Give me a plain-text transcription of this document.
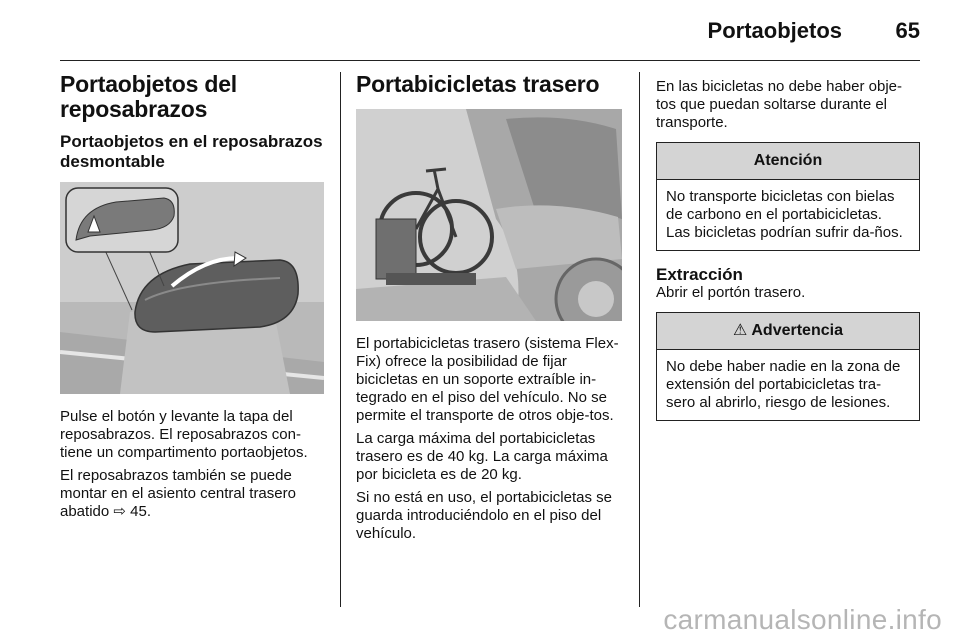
Portaobjetos 65
Portaobjetos del reposabrazos
Portaobjetos en el reposabrazos desmontable

Pulse el botón y levante la tapa del reposabrazos. El reposabrazos con-tiene un compartimento portaobjetos.

El reposabrazos también se puede montar en el asiento central trasero abatido ⇨ 45.

Portabicicletas trasero

El portabicicletas trasero (sistema Flex-Fix) ofrece la posibilidad de fijar bicicletas en un soporte extraíble in-tegrado en el piso del vehículo. No se permite el transporte de otros obje-tos.

La carga máxima del portabicicletas trasero es de 40 kg. La carga máxima por bicicleta es de 20 kg.

Si no está en uso, el portabicicletas se guarda introduciéndolo en el piso del vehículo.

En las bicicletas no debe haber obje-tos que puedan soltarse durante el transporte.

Atención
No transporte bicicletas con bielas de carbono en el portabicicletas. Las bicicletas podrían sufrir da-ños.
Extracción

Abrir el portón trasero.

⚠ Advertencia
No debe haber nadie en la zona de extensión del portabicicletas tra-sero al abrirlo, riesgo de lesiones.
carmanualsonline.info
